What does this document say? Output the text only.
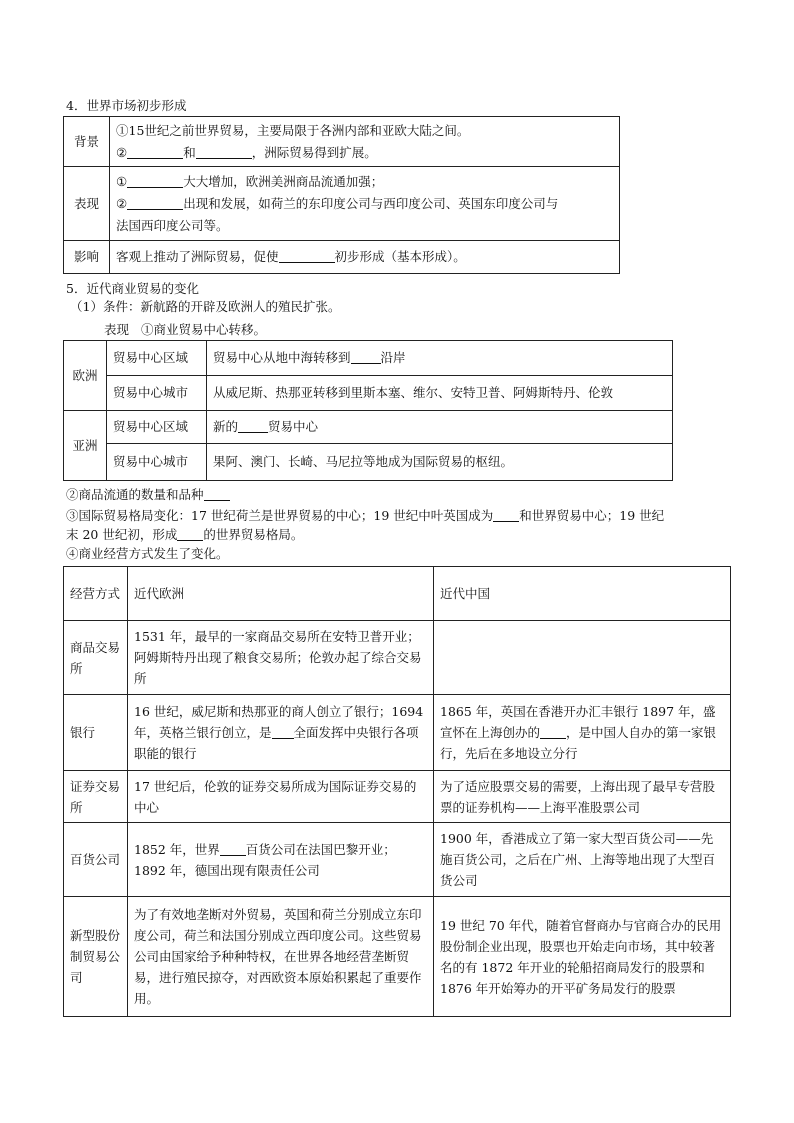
4．世界市场初步形成
背景	①15世纪之前世界贸易，主要局限于各洲内部和亚欧大陆之间。
② 和 ，洲际贸易得到扩展。

表现	① 大大增加，欧洲美洲商品流通加强；
② 出现和发展，如荷兰的东印度公司与西印度公司、英国东印度公司与
法国西印度公司等。

影响	客观上推动了洲际贸易，促使 初步形成（基本形成）。
5．近代商业贸易的变化
（1）条件：新航路的开辟及欧洲人的殖民扩张。
表现 ①商业贸易中心转移。
欧洲	贸易中心区域	贸易中心从地中海转移到 沿岸
	贸易中心城市	从威尼斯、热那亚转移到里斯本塞、维尔、安特卫普、阿姆斯特丹、伦敦
亚洲	贸易中心区域	新的 贸易中心
	贸易中心城市	果阿、澳门、长崎、马尼拉等地成为国际贸易的枢纽。
②商品流通的数量和品种
③国际贸易格局变化：17 世纪荷兰是世界贸易的中心；19 世纪中叶英国成为 和世界贸易中心；19 世纪
末 20 世纪初，形成 的世界贸易格局。
④商业经营方式发生了变化。
经营方式	近代欧洲	近代中国
商品交易所	1531 年，最早的一家商品交易所在安特卫普开业；阿姆斯特丹出现了粮食交易所；伦敦办起了综合交易所	
银行	16 世纪，威尼斯和热那亚的商人创立了银行；1694 年，英格兰银行创立，是 全面发挥中央银行各项职能的银行	1865 年，英国在香港开办汇丰银行 1897 年，盛宣怀在上海创办的 ，是中国人自办的第一家银行，先后在多地设立分行
证券交易所	17 世纪后，伦敦的证券交易所成为国际证券交易的中心	为了适应股票交易的需要，上海出现了最早专营股票的证券机构——上海平准股票公司
百货公司	1852 年，世界 百货公司在法国巴黎开业；1892 年，德国出现有限责任公司	1900 年，香港成立了第一家大型百货公司——先施百货公司，之后在广州、上海等地出现了大型百货公司
新型股份制贸易公司	为了有效地垄断对外贸易，英国和荷兰分别成立东印度公司，荷兰和法国分别成立西印度公司。这些贸易公司由国家给予种种特权，在世界各地经营垄断贸易，进行殖民掠夺，对西欧资本原始积累起了重要作用。	19 世纪 70 年代，随着官督商办与官商合办的民用股份制企业出现，股票也开始走向市场，其中较著名的有 1872 年开业的轮船招商局发行的股票和 1876 年开始筹办的开平矿务局发行的股票
